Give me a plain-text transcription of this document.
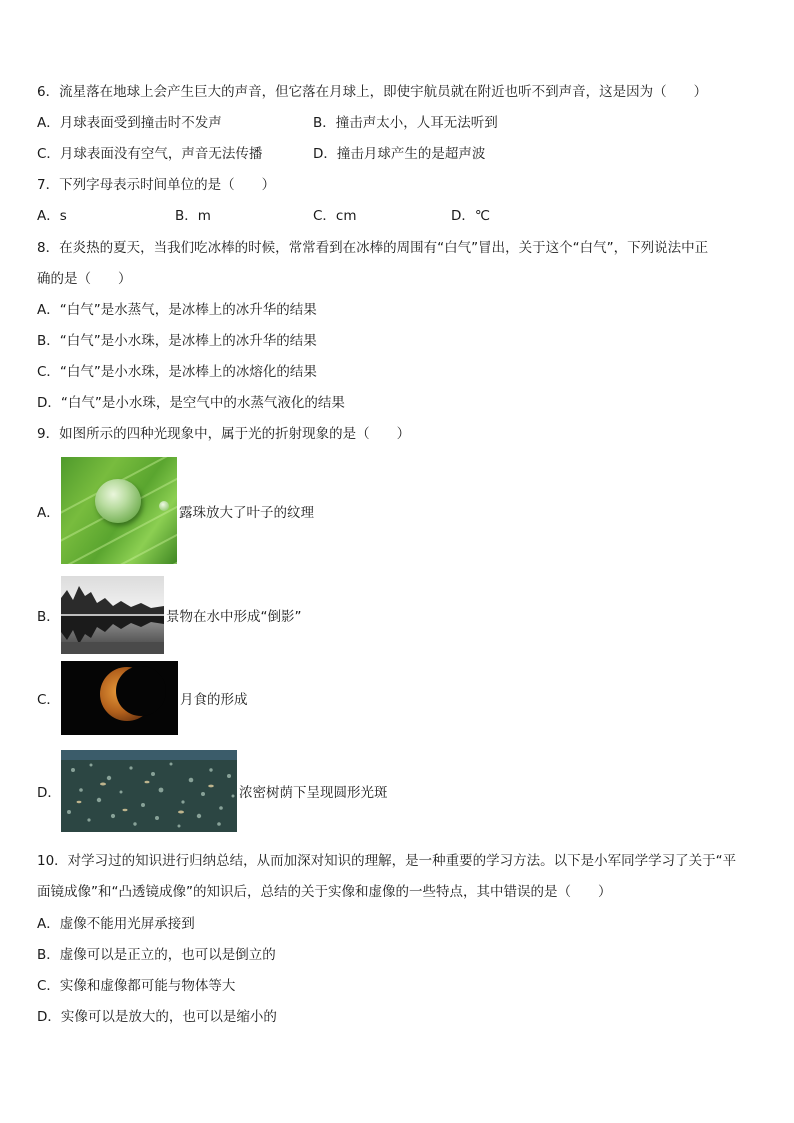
6．流星落在地球上会产生巨大的声音，但它落在月球上，即使宇航员就在附近也听不到声音，这是因为（　　）
A．月球表面受到撞击时不发声	B．撞击声太小，人耳无法听到
C．月球表面没有空气，声音无法传播	D．撞击月球产生的是超声波
7．下列字母表示时间单位的是（　　）
A．s	B．m	C．cm	D．℃
8．在炎热的夏天，当我们吃冰棒的时候，常常看到在冰棒的周围有“白气”冒出，关于这个“白气”，下列说法中正
确的是（　　）
A．“白气”是水蒸气，是冰棒上的冰升华的结果
B．“白气”是小水珠，是冰棒上的冰升华的结果
C．“白气”是小水珠，是冰棒上的冰熔化的结果
D．“白气”是小水珠，是空气中的水蒸气液化的结果
9．如图所示的四种光现象中，属于光的折射现象的是（　　）
A．	露珠放大了叶子的纹理
B．	景物在水中形成“倒影”
C．	月食的形成
D．	浓密树荫下呈现圆形光斑
10．对学习过的知识进行归纳总结，从而加深对知识的理解，是一种重要的学习方法。以下是小军同学学习了关于“平
面镜成像”和“凸透镜成像”的知识后，总结的关于实像和虚像的一些特点，其中错误的是（　　）
A．虚像不能用光屏承接到
B．虚像可以是正立的，也可以是倒立的
C．实像和虚像都可能与物体等大
D．实像可以是放大的，也可以是缩小的
